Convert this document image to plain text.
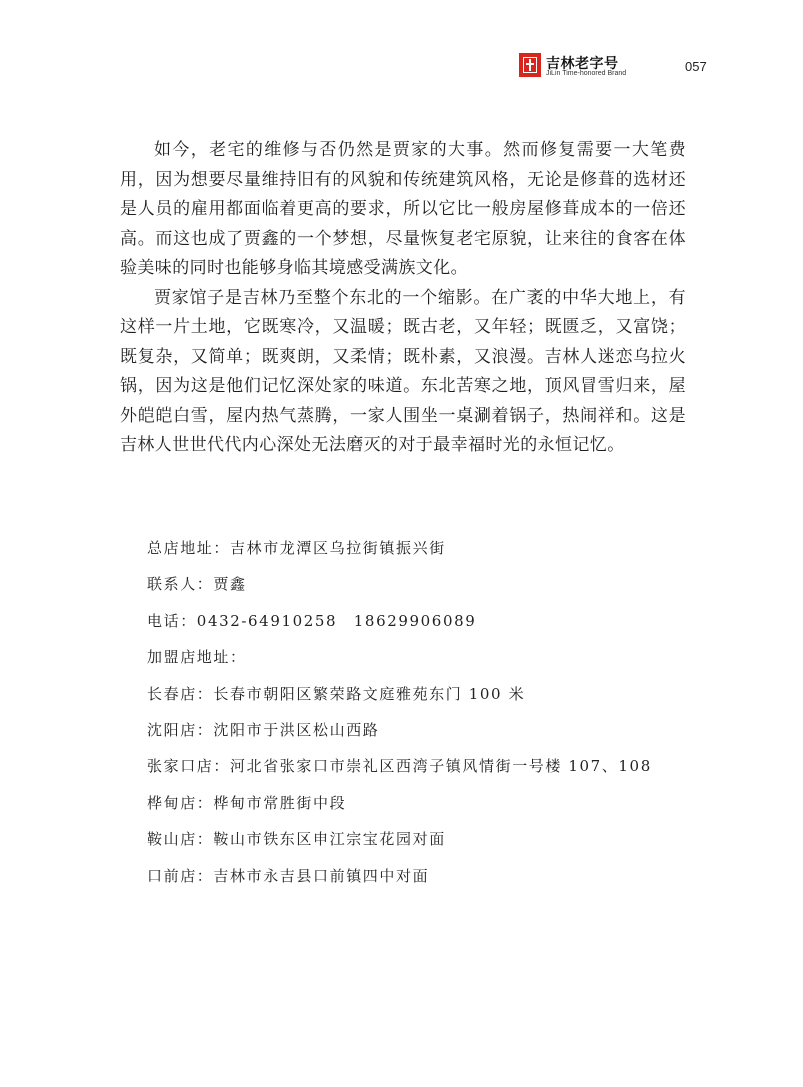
吉林老字号
JiLin Time-honored Brand	057

如今，老宅的维修与否仍然是贾家的大事。然而修复需要一大笔费用，因为想要尽量维持旧有的风貌和传统建筑风格，无论是修葺的选材还是人员的雇用都面临着更高的要求，所以它比一般房屋修葺成本的一倍还高。而这也成了贾鑫的一个梦想，尽量恢复老宅原貌，让来往的食客在体验美味的同时也能够身临其境感受满族文化。

贾家馆子是吉林乃至整个东北的一个缩影。在广袤的中华大地上，有这样一片土地，它既寒冷，又温暖；既古老，又年轻；既匮乏，又富饶；既复杂，又简单；既爽朗，又柔情；既朴素，又浪漫。吉林人迷恋乌拉火锅，因为这是他们记忆深处家的味道。东北苦寒之地，顶风冒雪归来，屋外皑皑白雪，屋内热气蒸腾，一家人围坐一桌涮着锅子，热闹祥和。这是吉林人世世代代内心深处无法磨灭的对于最幸福时光的永恒记忆。

总店地址：吉林市龙潭区乌拉街镇振兴街
联系人：贾鑫
电话：0432-64910258　18629906089
加盟店地址：
长春店：长春市朝阳区繁荣路文庭雅苑东门 100 米
沈阳店：沈阳市于洪区松山西路
张家口店：河北省张家口市崇礼区西湾子镇风情街一号楼 107、108
桦甸店：桦甸市常胜街中段
鞍山店：鞍山市铁东区申江宗宝花园对面
口前店：吉林市永吉县口前镇四中对面
